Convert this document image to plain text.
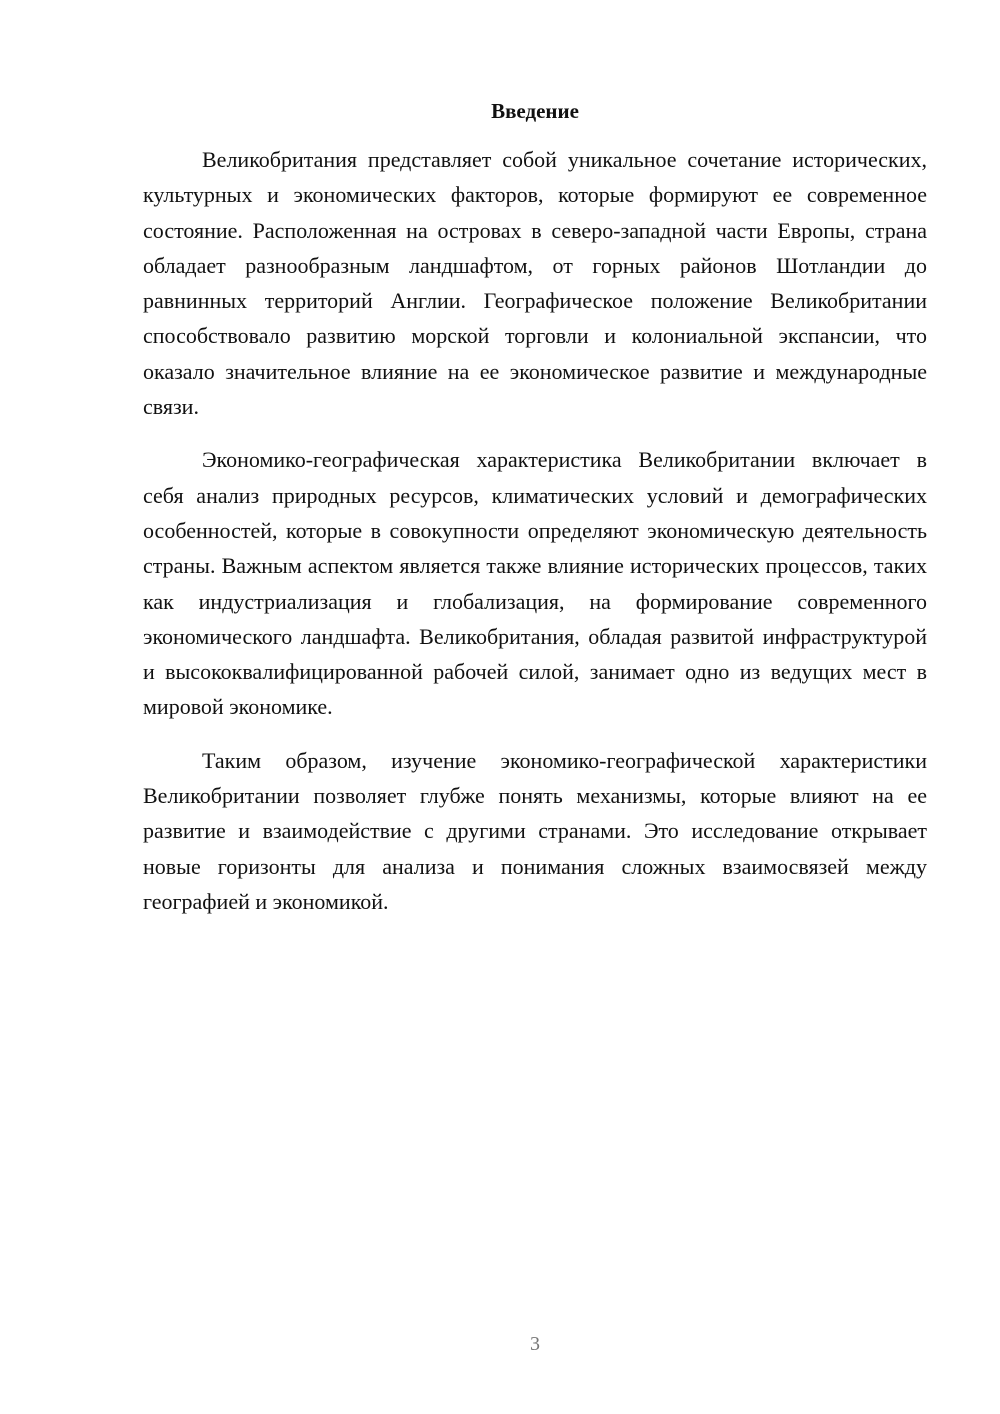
Введение

Великобритания представляет собой уникальное сочетание исторических, культурных и экономических факторов, которые формируют ее современное состояние. Расположенная на островах в северо-западной части Европы, страна обладает разнообразным ландшафтом, от горных районов Шотландии до равнинных территорий Англии. Географическое положение Великобритании способствовало развитию морской торговли и колониальной экспансии, что оказало значительное влияние на ее экономическое развитие и международные связи.

Экономико-географическая характеристика Великобритании включает в себя анализ природных ресурсов, климатических условий и демографических особенностей, которые в совокупности определяют экономическую деятельность страны. Важным аспектом является также влияние исторических процессов, таких как индустриализация и глобализация, на формирование современного экономического ландшафта. Великобритания, обладая развитой инфраструктурой и высококвалифицированной рабочей силой, занимает одно из ведущих мест в мировой экономике.

Таким образом, изучение экономико-географической характеристики Великобритании позволяет глубже понять механизмы, которые влияют на ее развитие и взаимодействие с другими странами. Это исследование открывает новые горизонты для анализа и понимания сложных взаимосвязей между географией и экономикой.

3
